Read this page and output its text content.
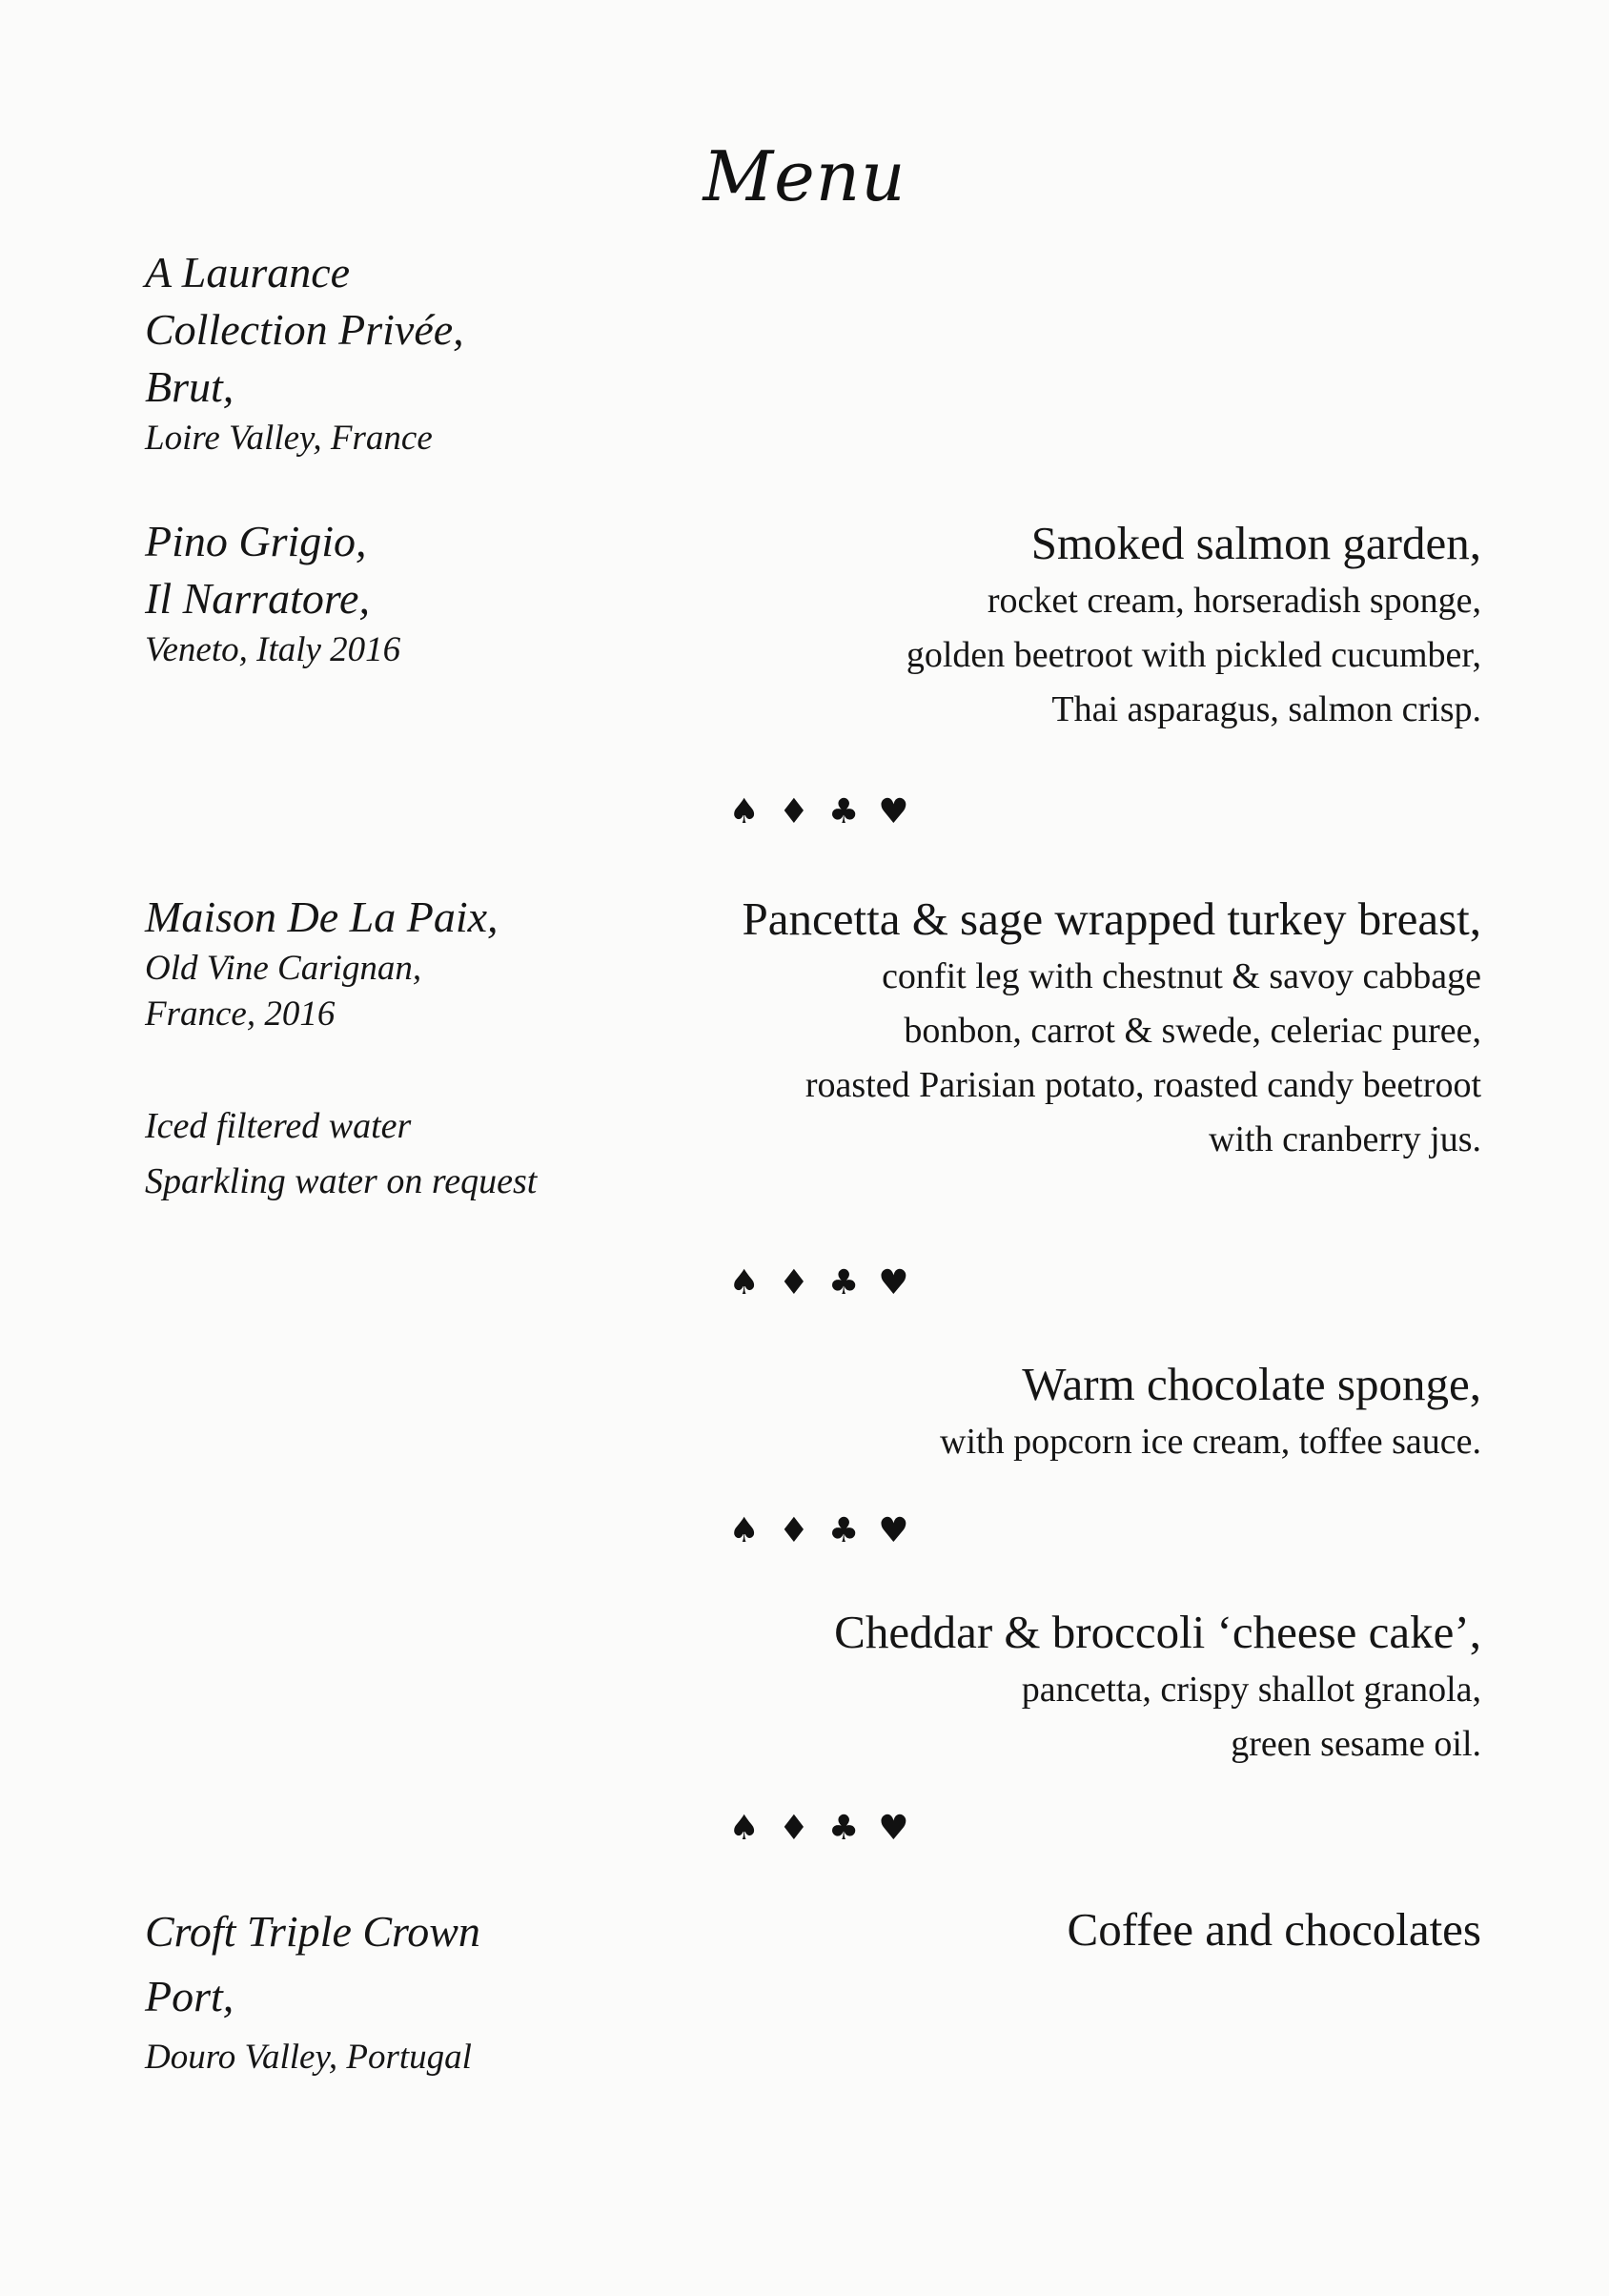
Menu
A Laurance
Collection Privée,
Brut,
Loire Valley, France
Pino Grigio,
Il Narratore,
Veneto, Italy 2016
Smoked salmon garden,
rocket cream, horseradish sponge,
golden beetroot with pickled cucumber,
Thai asparagus, salmon crisp.
♠♦♣♥
Maison De La Paix,
Old Vine Carignan,
France, 2016
Pancetta & sage wrapped turkey breast,
confit leg with chestnut & savoy cabbage
bonbon, carrot & swede, celeriac puree,
roasted Parisian potato, roasted candy beetroot
with cranberry jus.
Iced filtered water
Sparkling water on request
♠♦♣♥
Warm chocolate sponge,
with popcorn ice cream, toffee sauce.
♠♦♣♥
Cheddar & broccoli ‘cheese cake’,
pancetta, crispy shallot granola,
green sesame oil.
♠♦♣♥
Croft Triple Crown
Port,
Douro Valley, Portugal
Coffee and chocolates
